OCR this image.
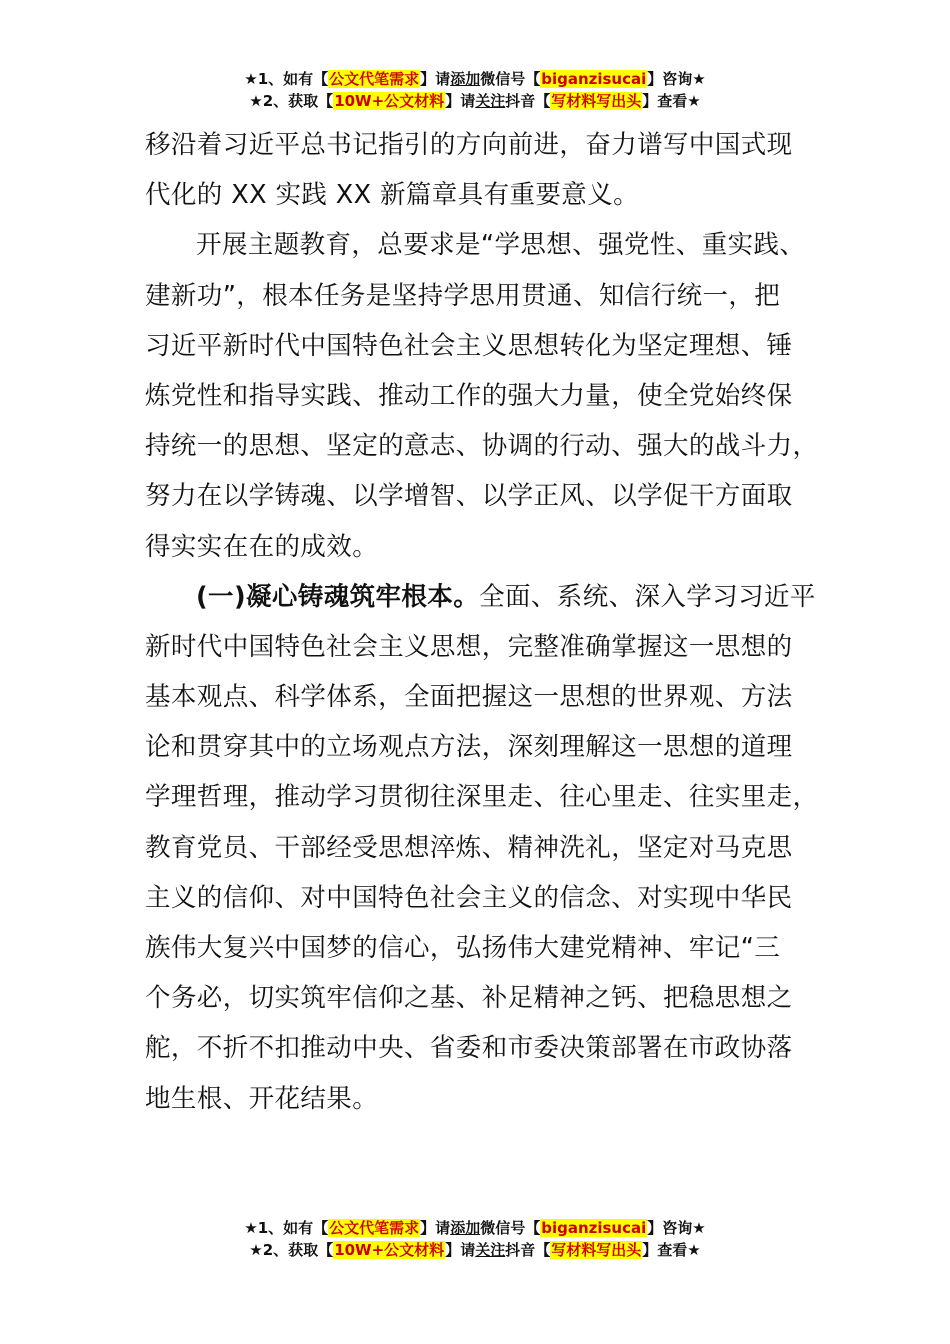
★1、如有【公文代笔需求】请添加微信号【biganzisucai】咨询★
★2、获取【10W+公文材料】请关注抖音【写材料写出头】查看★
移沿着习近平总书记指引的方向前进，奋力谱写中国式现
代化的 XX 实践 XX 新篇章具有重要意义。
开展主题教育，总要求是“学思想、强党性、重实践、
建新功”，根本任务是坚持学思用贯通、知信行统一，把
习近平新时代中国特色社会主义思想转化为坚定理想、锤
炼党性和指导实践、推动工作的强大力量，使全党始终保
持统一的思想、坚定的意志、协调的行动、强大的战斗力，
努力在以学铸魂、以学增智、以学正风、以学促干方面取
得实实在在的成效。
(一)凝心铸魂筑牢根本。全面、系统、深入学习习近平
新时代中国特色社会主义思想，完整准确掌握这一思想的
基本观点、科学体系，全面把握这一思想的世界观、方法
论和贯穿其中的立场观点方法，深刻理解这一思想的道理
学理哲理，推动学习贯彻往深里走、往心里走、往实里走，
教育党员、干部经受思想淬炼、精神洗礼，坚定对马克思
主义的信仰、对中国特色社会主义的信念、对实现中华民
族伟大复兴中国梦的信心，弘扬伟大建党精神、牢记“三
个务必，切实筑牢信仰之基、补足精神之钙、把稳思想之
舵，不折不扣推动中央、省委和市委决策部署在市政协落
地生根、开花结果。
★1、如有【公文代笔需求】请添加微信号【biganzisucai】咨询★
★2、获取【10W+公文材料】请关注抖音【写材料写出头】查看★
